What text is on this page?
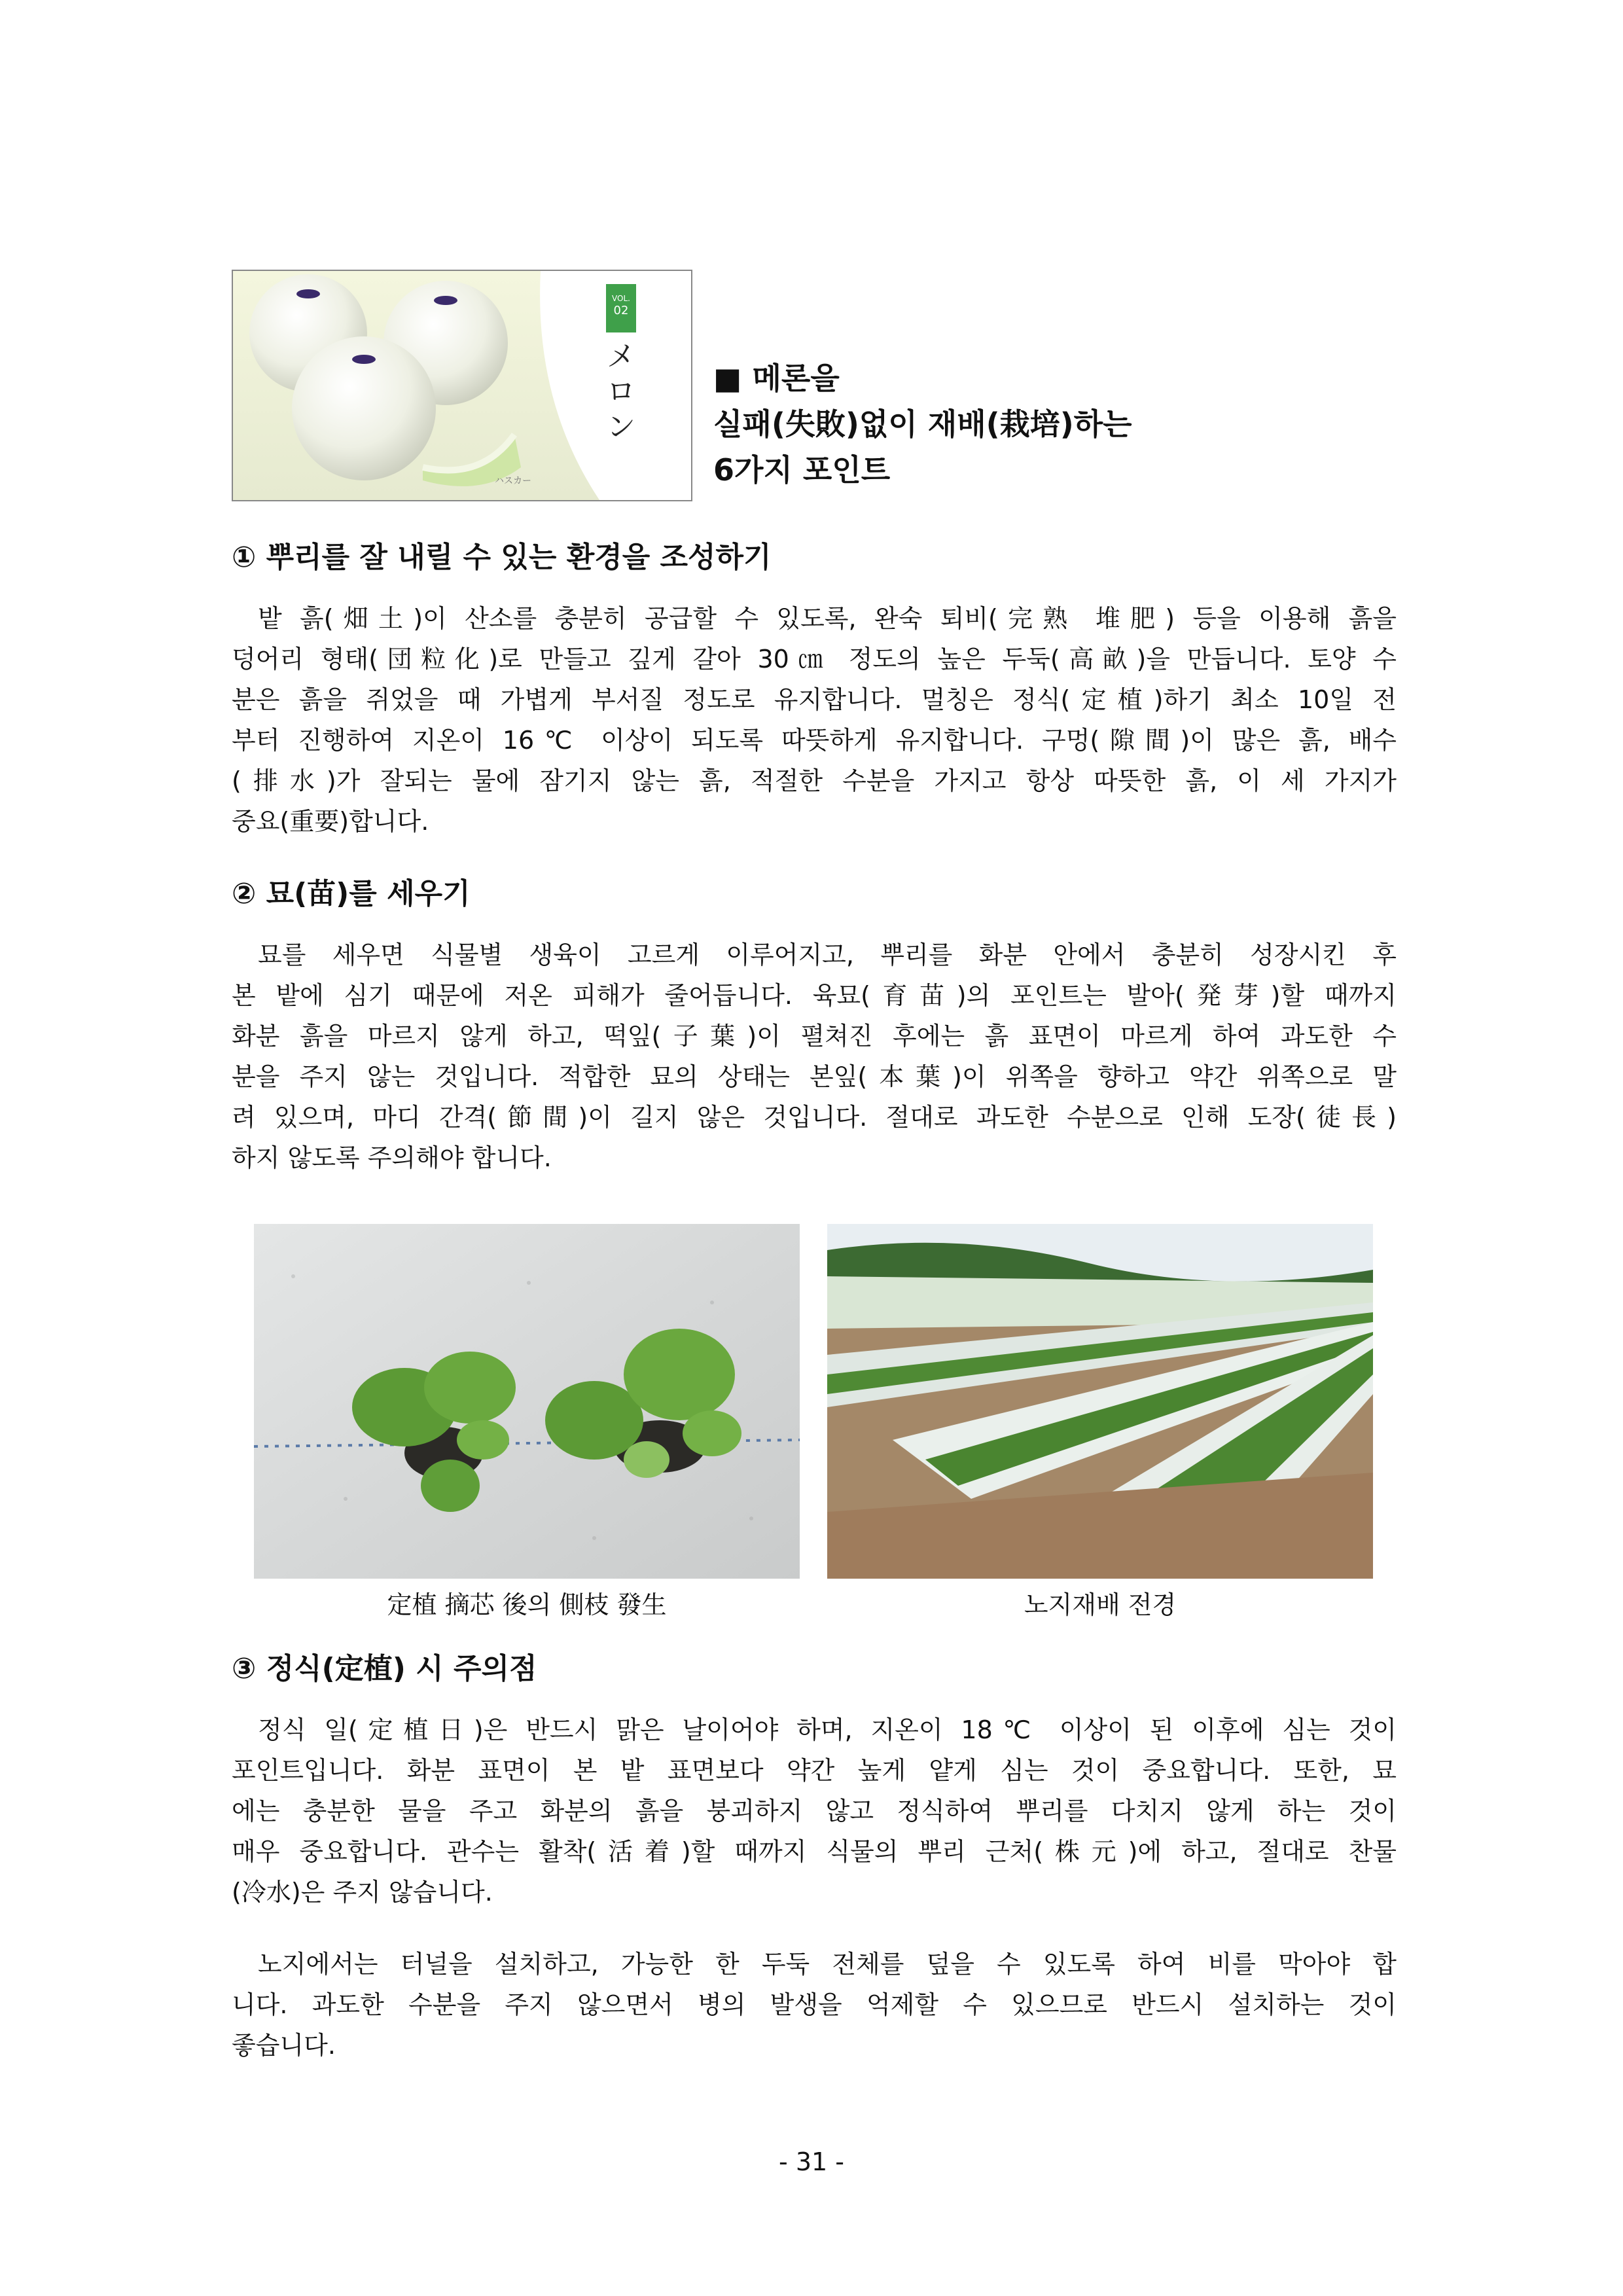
VOL.
02
メ
ロ
ン
ハスカー
■ 메론을
실패(失敗)없이 재배(栽培)하는
6가지 포인트
① 뿌리를 잘 내릴 수 있는 환경을 조성하기
밭 흙(畑土)이 산소를 충분히 공급할 수 있도록, 완숙 퇴비(完熟 堆肥) 등을 이용해 흙을
덩어리 형태(団粒化)로 만들고 깊게 갈아 30㎝ 정도의 높은 두둑(高畝)을 만듭니다. 토양 수
분은 흙을 쥐었을 때 가볍게 부서질 정도로 유지합니다. 멀칭은 정식(定植)하기 최소 10일 전
부터 진행하여 지온이 16℃ 이상이 되도록 따뜻하게 유지합니다. 구멍(隙間)이 많은 흙, 배수
(排水)가 잘되는 물에 잠기지 않는 흙, 적절한 수분을 가지고 항상 따뜻한 흙, 이 세 가지가
중요(重要)합니다.
② 묘(苗)를 세우기
묘를 세우면 식물별 생육이 고르게 이루어지고, 뿌리를 화분 안에서 충분히 성장시킨 후
본 밭에 심기 때문에 저온 피해가 줄어듭니다. 육묘(育苗)의 포인트는 발아(発芽)할 때까지
화분 흙을 마르지 않게 하고, 떡잎(子葉)이 펼쳐진 후에는 흙 표면이 마르게 하여 과도한 수
분을 주지 않는 것입니다. 적합한 묘의 상태는 본잎(本葉)이 위쪽을 향하고 약간 위쪽으로 말
려 있으며, 마디 간격(節間)이 길지 않은 것입니다. 절대로 과도한 수분으로 인해 도장(徒長)
하지 않도록 주의해야 합니다.
定植 摘芯 後의 側枝 發生	노지재배 전경
③ 정식(定植) 시 주의점
정식 일(定植日)은 반드시 맑은 날이어야 하며, 지온이 18℃ 이상이 된 이후에 심는 것이
포인트입니다. 화분 표면이 본 밭 표면보다 약간 높게 얕게 심는 것이 중요합니다. 또한, 묘
에는 충분한 물을 주고 화분의 흙을 붕괴하지 않고 정식하여 뿌리를 다치지 않게 하는 것이
매우 중요합니다. 관수는 활착(活着)할 때까지 식물의 뿌리 근처(株元)에 하고, 절대로 찬물
(冷水)은 주지 않습니다.
노지에서는 터널을 설치하고, 가능한 한 두둑 전체를 덮을 수 있도록 하여 비를 막아야 합
니다. 과도한 수분을 주지 않으면서 병의 발생을 억제할 수 있으므로 반드시 설치하는 것이
좋습니다.
- 31 -
